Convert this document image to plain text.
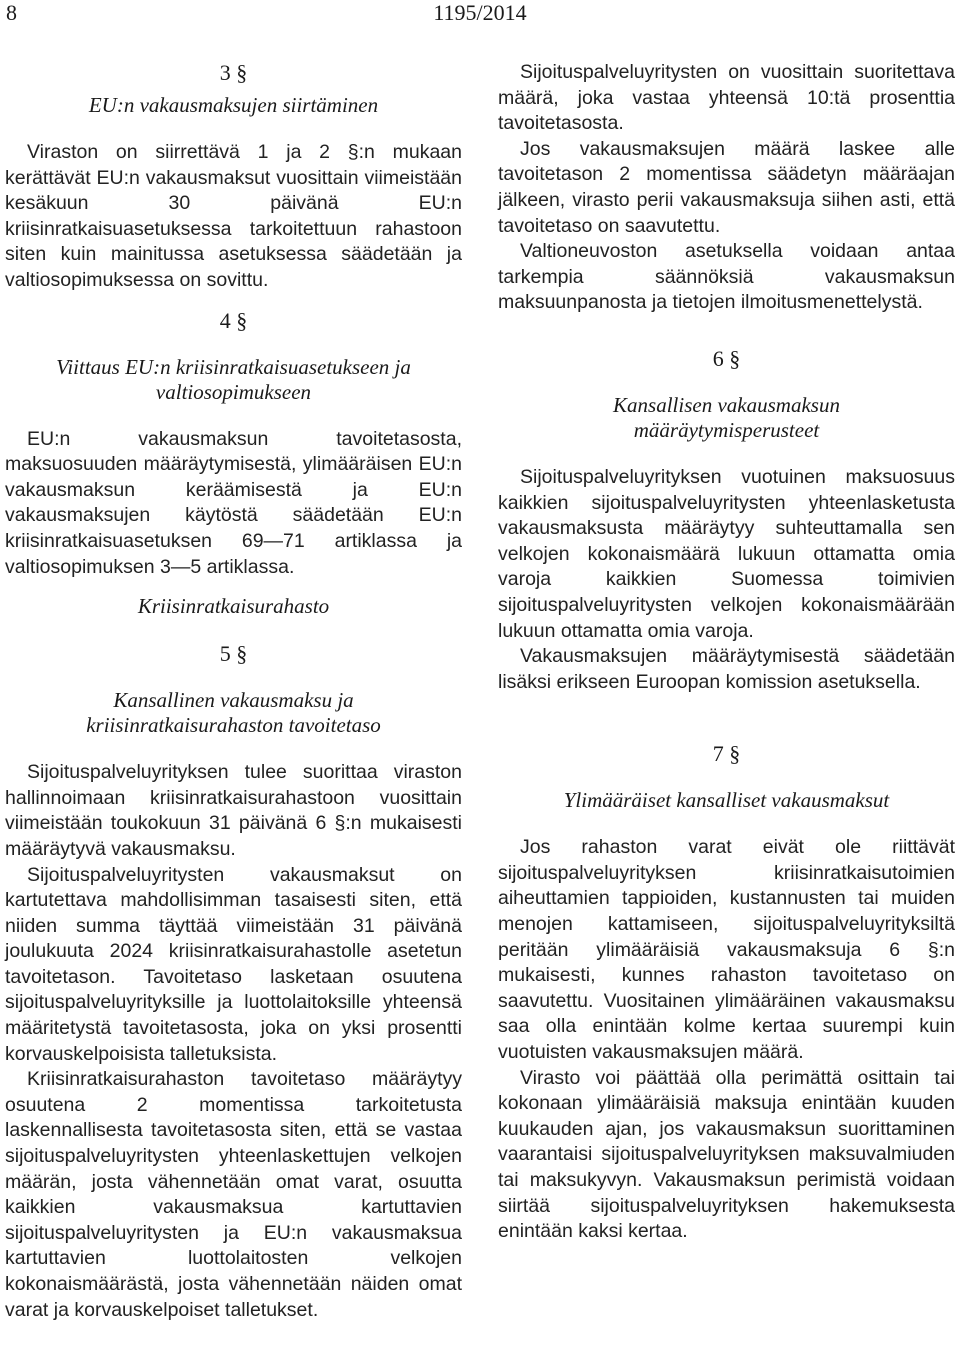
8	1195/2014

3 §

EU:n vakausmaksujen siirtäminen

Viraston on siirrettävä 1 ja 2 §:n mukaan kerättävät EU:n vakausmaksut vuosittain viimeistään kesäkuun 30 päivänä EU:n kriisinratkaisuasetuksessa tarkoitettuun rahastoon siten kuin mainitussa asetuksessa säädetään ja valtiosopimuksessa on sovittu.

4 §

Viittaus EU:n kriisinratkaisuasetukseen ja

valtiosopimukseen

EU:n vakausmaksun tavoitetasosta, maksuosuuden määräytymisestä, ylimääräisen EU:n vakausmaksun keräämisestä ja EU:n vakausmaksujen käytöstä säädetään EU:n kriisinratkaisuasetuksen 69—71 artiklassa ja valtiosopimuksen 3—5 artiklassa.

Kriisinratkaisurahasto

5 §

Kansallinen vakausmaksu ja

kriisinratkaisurahaston tavoitetaso

Sijoituspalveluyrityksen tulee suorittaa viraston hallinnoimaan kriisinratkaisurahastoon vuosittain viimeistään toukokuun 31 päivänä 6 §:n mukaisesti määräytyvä vakausmaksu.

Sijoituspalveluyritysten vakausmaksut on kartutettava mahdollisimman tasaisesti siten, että niiden summa täyttää viimeistään 31 päivänä joulukuuta 2024 kriisinratkaisurahastolle asetetun tavoitetason. Tavoitetaso lasketaan osuutena sijoituspalveluyrityksille ja luottolaitoksille yhteensä määritetystä tavoitetasosta, joka on yksi prosentti korvauskelpoisista talletuksista.

Kriisinratkaisurahaston tavoitetaso määräytyy osuutena 2 momentissa tarkoitetusta laskennallisesta tavoitetasosta siten, että se vastaa sijoituspalveluyritysten yhteenlaskettujen velkojen määrän, josta vähennetään omat varat, osuutta kaikkien vakausmaksua kartuttavien sijoituspalveluyritysten ja EU:n vakausmaksua kartuttavien luottolaitosten velkojen kokonaismäärästä, josta vähennetään näiden omat varat ja korvauskelpoiset talletukset.

Sijoituspalveluyritysten on vuosittain suoritettava määrä, joka vastaa yhteensä 10:tä prosenttia tavoitetasosta.

Jos vakausmaksujen määrä laskee alle tavoitetason 2 momentissa säädetyn määräajan jälkeen, virasto perii vakausmaksuja siihen asti, että tavoitetaso on saavutettu.

Valtioneuvoston asetuksella voidaan antaa tarkempia säännöksiä vakausmaksun maksuunpanosta ja tietojen ilmoitusmenettelystä.

6 §

Kansallisen vakausmaksun

määräytymisperusteet

Sijoituspalveluyrityksen vuotuinen maksuosuus kaikkien sijoituspalveluyritysten yhteenlasketusta vakausmaksusta määräytyy suhteuttamalla sen velkojen kokonaismäärä lukuun ottamatta omia varoja kaikkien Suomessa toimivien sijoituspalveluyritysten velkojen kokonaismäärään lukuun ottamatta omia varoja.

Vakausmaksujen määräytymisestä säädetään lisäksi erikseen Euroopan komission asetuksella.

7 §

Ylimääräiset kansalliset vakausmaksut

Jos rahaston varat eivät ole riittävät sijoituspalveluyrityksen kriisinratkaisutoimien aiheuttamien tappioiden, kustannusten tai muiden menojen kattamiseen, sijoituspalveluyrityksiltä peritään ylimääräisiä vakausmaksuja 6 §:n mukaisesti, kunnes rahaston tavoitetaso on saavutettu. Vuositainen ylimääräinen vakausmaksu saa olla enintään kolme kertaa suurempi kuin vuotuisten vakausmaksujen määrä.

Virasto voi päättää olla perimättä osittain tai kokonaan ylimääräisiä maksuja enintään kuuden kuukauden ajan, jos vakausmaksun suorittaminen vaarantaisi sijoituspalveluyrityksen maksuvalmiuden tai maksukyvyn. Vakausmaksun perimistä voidaan siirtää sijoituspalveluyrityksen hakemuksesta enintään kaksi kertaa.
